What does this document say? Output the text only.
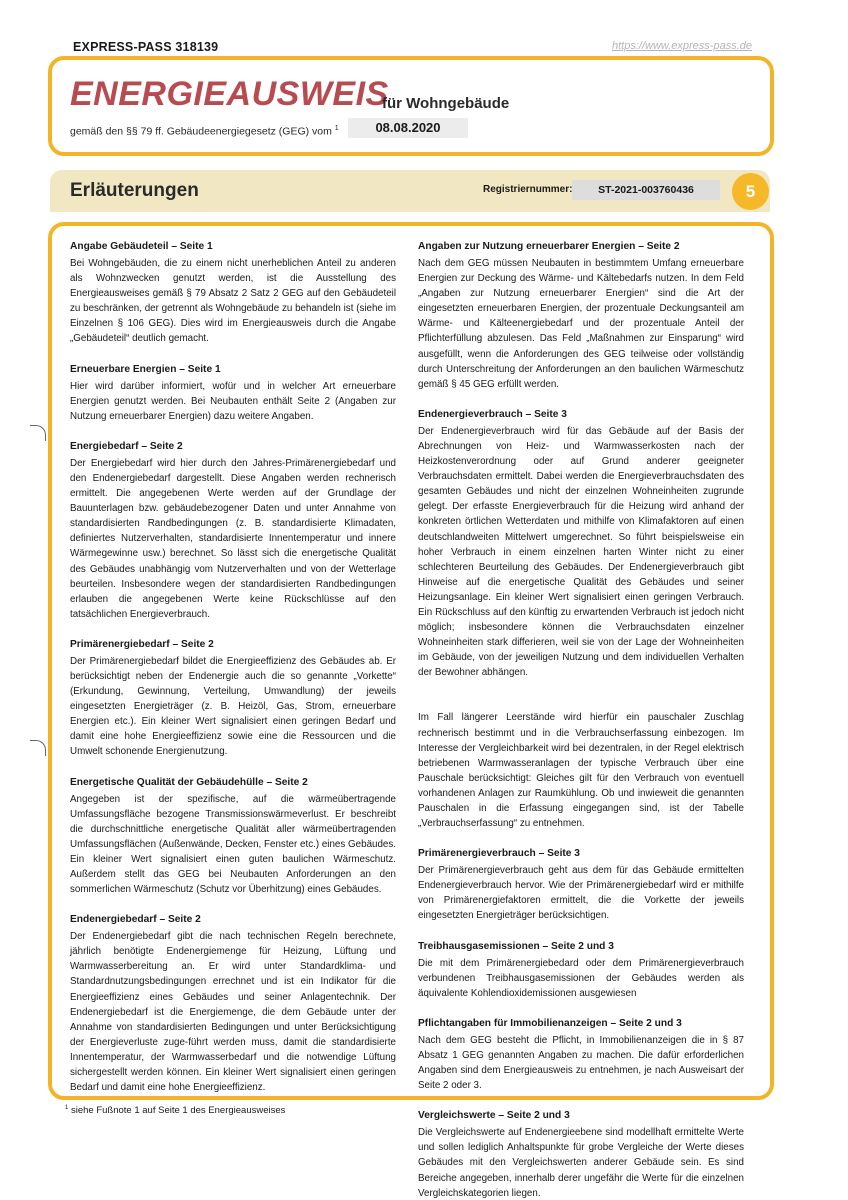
EXPRESS-PASS 318139	https://www.express-pass.de
ENERGIEAUSWEIS
für Wohngebäude
gemäß den §§ 79 ff. Gebäudeenergiegesetz (GEG) vom $^1$	08.08.2020
Erläuterungen	Registriernummer:	ST-2021-003760436	5
Angabe Gebäudeteil – Seite 1

Bei Wohngebäuden, die zu einem nicht unerheblichen Anteil zu anderen als Wohnzwecken genutzt werden, ist die Ausstellung des Energieausweises gemäß § 79 Absatz 2 Satz 2 GEG auf den Gebäudeteil zu beschränken, der getrennt als Wohngebäude zu behandeln ist (siehe im Einzelnen § 106 GEG). Dies wird im Energieausweis durch die Angabe „Gebäudeteil“ deutlich gemacht.

Erneuerbare Energien – Seite 1

Hier wird darüber informiert, wofür und in welcher Art erneuerbare Energien genutzt werden. Bei Neubauten enthält Seite 2 (Angaben zur Nutzung erneuerbarer Energien) dazu weitere Angaben.

Energiebedarf – Seite 2

Der Energiebedarf wird hier durch den Jahres-Primärenergiebedarf und den Endenergiebedarf dargestellt. Diese Angaben werden rechnerisch ermittelt. Die angegebenen Werte werden auf der Grundlage der Bauunterlagen bzw. gebäudebezogener Daten und unter Annahme von standardisierten Randbedingungen (z. B. standardisierte Klimadaten, definiertes Nutzerverhalten, standardisierte Innentemperatur und innere Wärmegewinne usw.) berechnet. So lässt sich die energetische Qualität des Gebäudes unabhängig vom Nutzerverhalten und von der Wetterlage beurteilen. Insbesondere wegen der standardisierten Randbedingungen erlauben die angegebenen Werte keine Rückschlüsse auf den tatsächlichen Energieverbrauch.

Primärenergiebedarf – Seite 2

Der Primärenergiebedarf bildet die Energieeffizienz des Gebäudes ab. Er berücksichtigt neben der Endenergie auch die so genannte „Vorkette“ (Erkundung, Gewinnung, Verteilung, Umwandlung) der jeweils eingesetzten Energieträger (z. B. Heizöl, Gas, Strom, erneuerbare Energien etc.). Ein kleiner Wert signalisiert einen geringen Bedarf und damit eine hohe Energieeffizienz sowie eine die Ressourcen und die Umwelt schonende Energienutzung.

Energetische Qualität der Gebäudehülle – Seite 2

Angegeben ist der spezifische, auf die wärmeübertragende Umfassungsfläche bezogene Transmissionswärmeverlust. Er beschreibt die durchschnittliche energetische Qualität aller wärmeübertragenden Umfassungsflächen (Außenwände, Decken, Fenster etc.) eines Gebäudes. Ein kleiner Wert signalisiert einen guten baulichen Wärmeschutz. Außerdem stellt das GEG bei Neubauten Anforderungen an den sommerlichen Wärmeschutz (Schutz vor Überhitzung) eines Gebäudes.

Endenergiebedarf – Seite 2

Der Endenergiebedarf gibt die nach technischen Regeln berechnete, jährlich benötigte Endenergiemenge für Heizung, Lüftung und Warmwasserbereitung an. Er wird unter Standardklima- und Standardnutzungsbedingungen errechnet und ist ein Indikator für die Energieeffizienz eines Gebäudes und seiner Anlagentechnik. Der Endenergiebedarf ist die Energiemenge, die dem Gebäude unter der Annahme von standardisierten Bedingungen und unter Berücksichtigung der Energieverluste zuge-führt werden muss, damit die standardisierte Innentemperatur, der Warmwasserbedarf und die notwendige Lüftung sichergestellt werden können. Ein kleiner Wert signalisiert einen geringen Bedarf und damit eine hohe Energieeffizienz.

Angaben zur Nutzung erneuerbarer Energien – Seite 2

Nach dem GEG müssen Neubauten in bestimmtem Umfang erneuerbare Energien zur Deckung des Wärme- und Kältebedarfs nutzen. In dem Feld „Angaben zur Nutzung erneuerbarer Energien“ sind die Art der eingesetzten erneuerbaren Energien, der prozentuale Deckungsanteil am Wärme- und Kälteenergiebedarf und der prozentuale Anteil der Pflichterfüllung abzulesen. Das Feld „Maßnahmen zur Einsparung“ wird ausgefüllt, wenn die Anforderungen des GEG teilweise oder vollständig durch Unterschreitung der Anforderungen an den baulichen Wärmeschutz gemäß § 45 GEG erfüllt werden.

Endenergieverbrauch – Seite 3

Der Endenergieverbrauch wird für das Gebäude auf der Basis der Abrechnungen von Heiz- und Warmwasserkosten nach der Heizkostenverordnung oder auf Grund anderer geeigneter Verbrauchsdaten ermittelt. Dabei werden die Energieverbrauchsdaten des gesamten Gebäudes und nicht der einzelnen Wohneinheiten zugrunde gelegt. Der erfasste Energieverbrauch für die Heizung wird anhand der konkreten örtlichen Wetterdaten und mithilfe von Klimafaktoren auf einen deutschlandweiten Mittelwert umgerechnet. So führt beispielsweise ein hoher Verbrauch in einem einzelnen harten Winter nicht zu einer schlechteren Beurteilung des Gebäudes. Der Endenergieverbrauch gibt Hinweise auf die energetische Qualität des Gebäudes und seiner Heizungsanlage. Ein kleiner Wert signalisiert einen geringen Verbrauch. Ein Rückschluss auf den künftig zu erwartenden Verbrauch ist jedoch nicht möglich; insbesondere können die Verbrauchsdaten einzelner Wohneinheiten stark differieren, weil sie von der Lage der Wohneinheiten im Gebäude, von der jeweiligen Nutzung und dem individuellen Verhalten der Bewohner abhängen.

Im Fall längerer Leerstände wird hierfür ein pauschaler Zuschlag rechnerisch bestimmt und in die Verbrauchserfassung einbezogen. Im Interesse der Vergleichbarkeit wird bei dezentralen, in der Regel elektrisch betriebenen Warmwasseranlagen der typische Verbrauch über eine Pauschale berücksichtigt: Gleiches gilt für den Verbrauch von eventuell vorhandenen Anlagen zur Raumkühlung. Ob und inwieweit die genannten Pauschalen in die Erfassung eingegangen sind, ist der Tabelle „Verbrauchserfassung“ zu entnehmen.

Primärenergieverbrauch – Seite 3

Der Primärenergieverbrauch geht aus dem für das Gebäude ermittelten Endenergieverbrauch hervor. Wie der Primärenergiebedarf wird er mithilfe von Primärenergiefaktoren ermittelt, die die Vorkette der jeweils eingesetzten Energieträger berücksichtigen.

Treibhausgasemissionen – Seite 2 und 3

Die mit dem Primärenergiebedard oder dem Primärenergieverbrauch verbundenen Treibhausgasemissionen der Gebäudes werden als äquivalente Kohlendioxidemissionen ausgewiesen

Pflichtangaben für Immobilienanzeigen – Seite 2 und 3

Nach dem GEG besteht die Pflicht, in Immobilienanzeigen die in § 87 Absatz 1 GEG genannten Angaben zu machen. Die dafür erforderlichen Angaben sind dem Energieausweis zu entnehmen, je nach Ausweisart der Seite 2 oder 3.

Vergleichswerte – Seite 2 und 3

Die Vergleichswerte auf Endenergieebene sind modellhaft ermittelte Werte und sollen lediglich Anhaltspunkte für grobe Vergleiche der Werte dieses Gebäudes mit den Vergleichswerten anderer Gebäude sein. Es sind Bereiche angegeben, innerhalb derer ungefähr die Werte für die einzelnen Vergleichskategorien liegen.

$^1$ siehe Fußnote 1 auf Seite 1 des Energieausweises
